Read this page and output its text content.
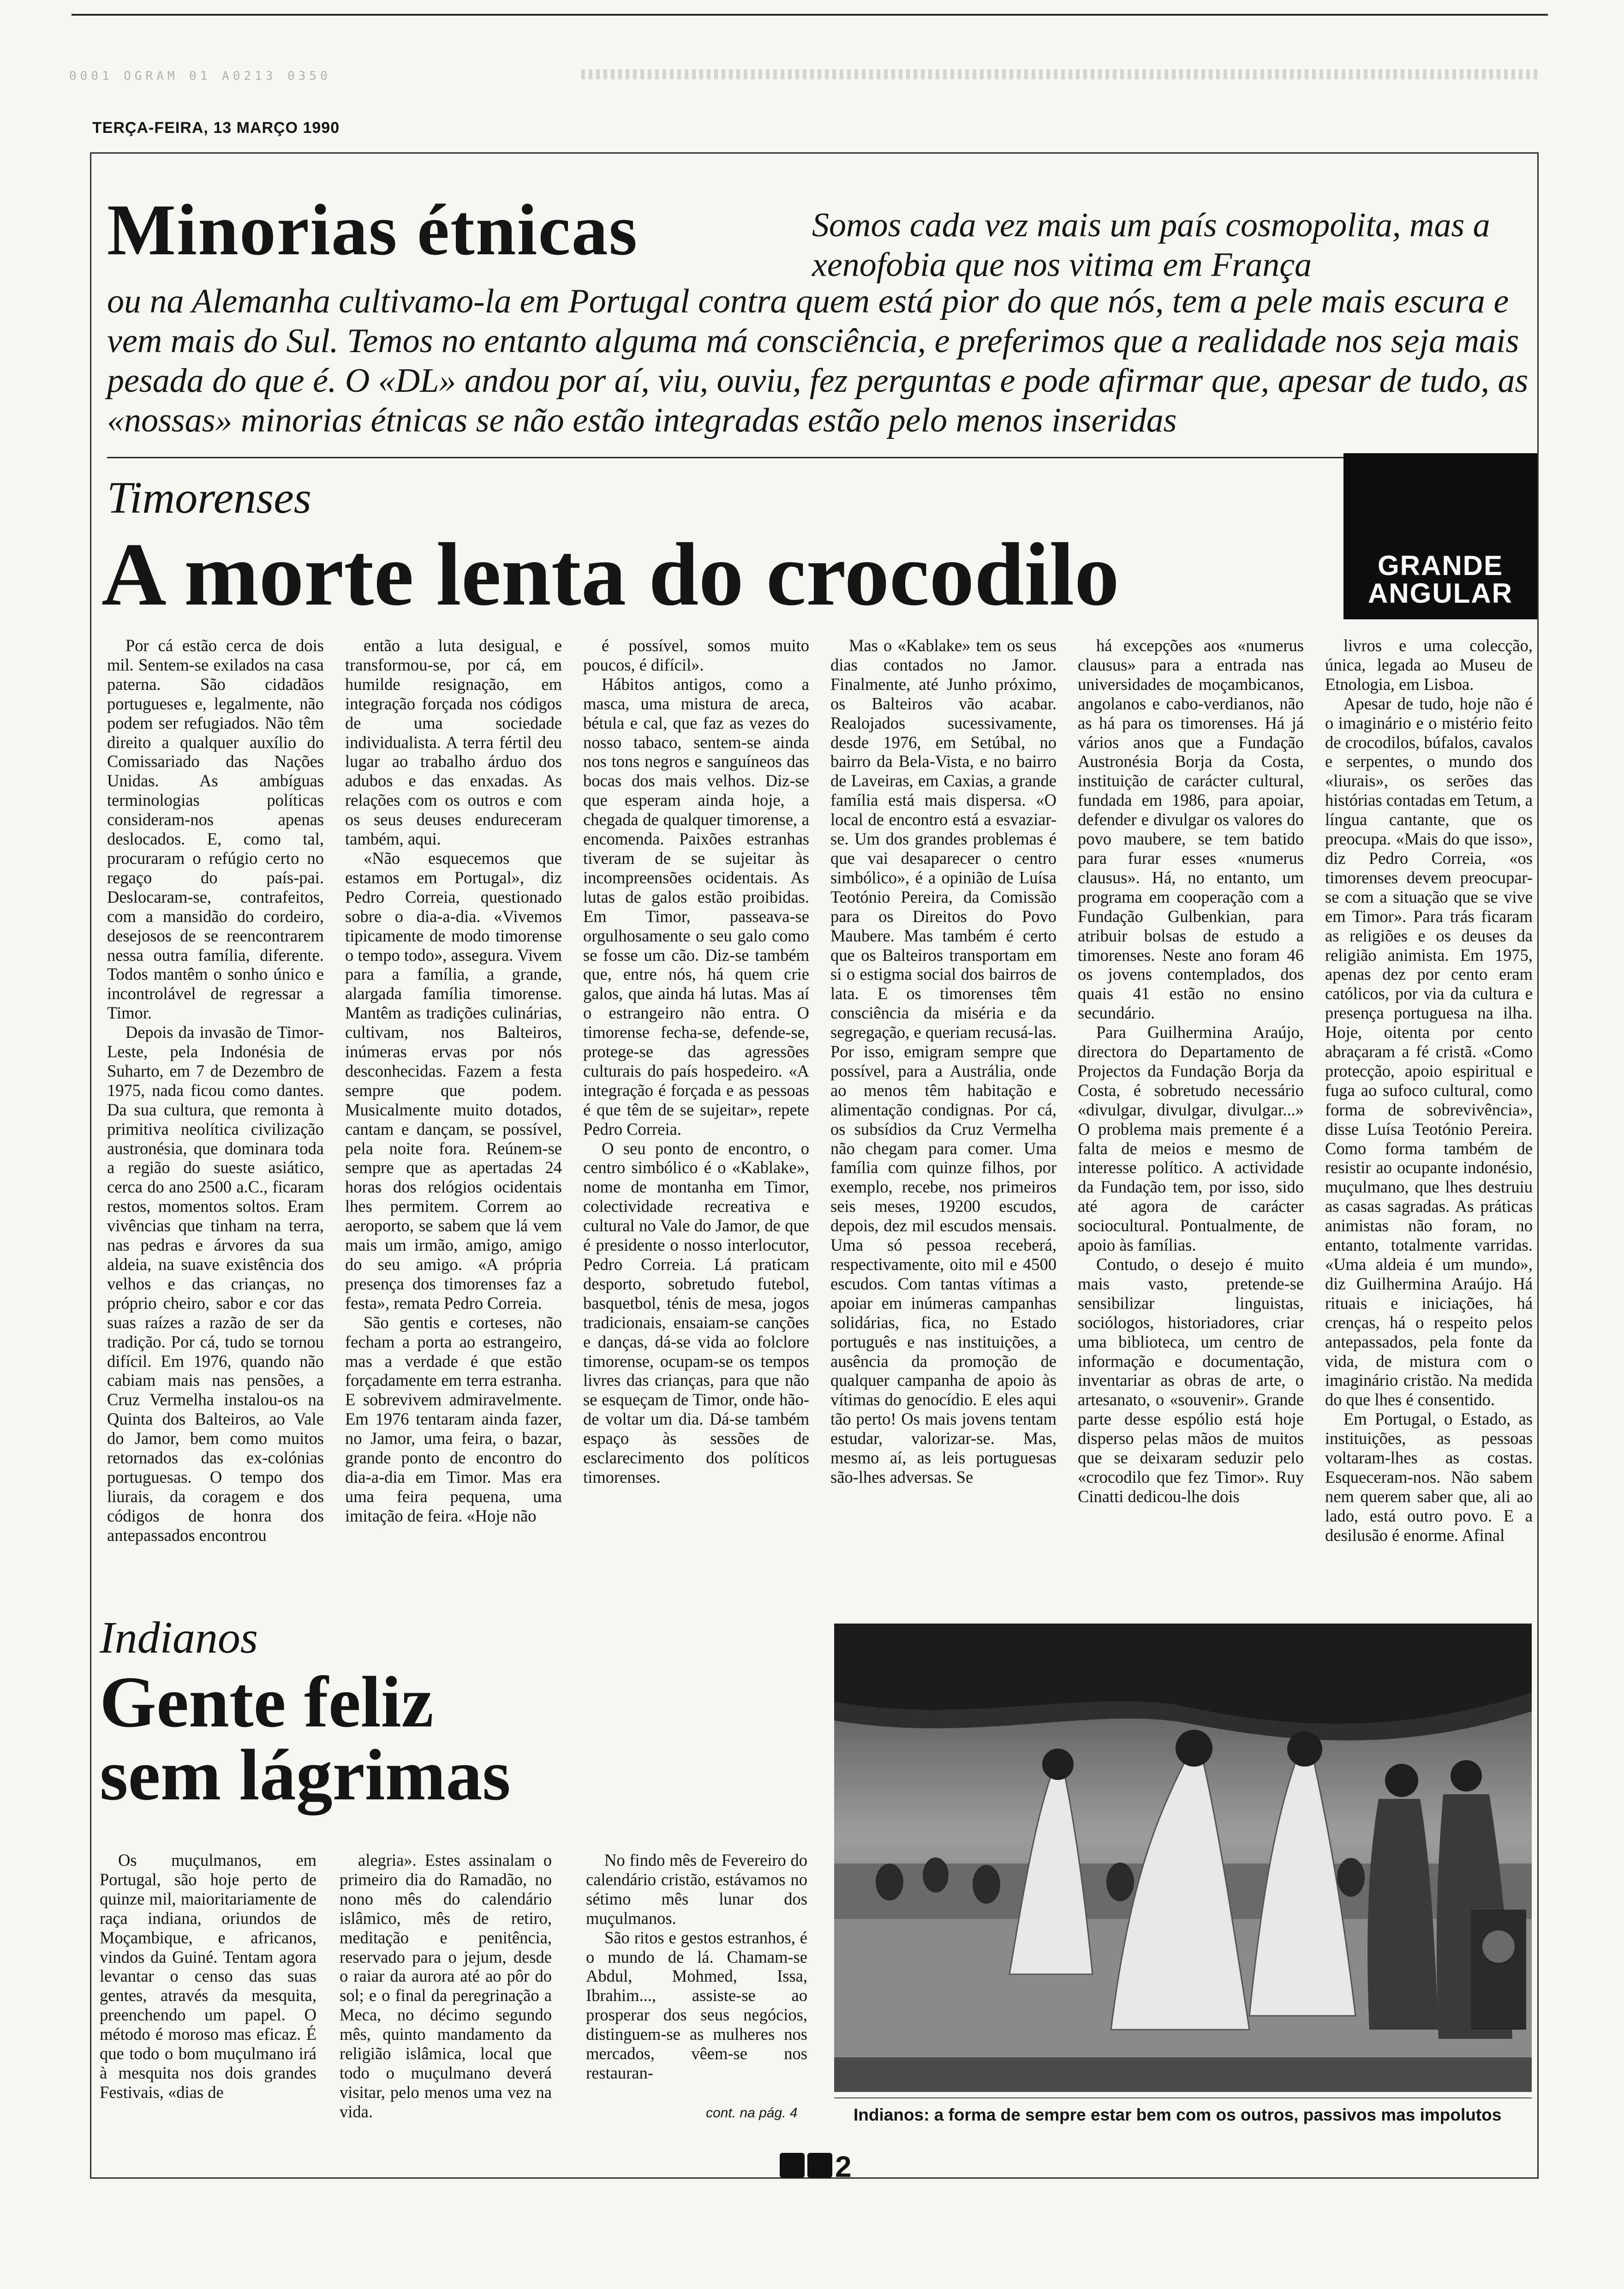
0001 OGRAM 01 A0213 0350
TERÇA-FEIRA, 13 MARÇO 1990
Minorias étnicas	Somos cada vez mais um país cosmopolita, mas a xenofobia que nos vitima em França
ou na Alemanha cultivamo-la em Portugal contra quem está pior do que nós, tem a pele mais escura e vem mais do Sul. Temos no entanto alguma má consciência, e preferimos que a realidade nos seja mais pesada do que é. O «DL» andou por aí, viu, ouviu, fez perguntas e pode afirmar que, apesar de tudo, as «nossas» minorias étnicas se não estão integradas estão pelo menos inseridas
Timorenses
A morte lenta do crocodilo	GRANDE
ANGULAR

Por cá estão cerca de dois mil. Sentem-se exilados na casa paterna. São cidadãos portugueses e, legalmente, não podem ser refugiados. Não têm direito a qualquer auxílio do Comissariado das Nações Unidas. As ambíguas terminologias políticas consideram-nos apenas deslocados. E, como tal, procuraram o refúgio certo no regaço do país-pai. Deslocaram-se, contrafeitos, com a mansidão do cordeiro, desejosos de se reencontrarem nessa outra família, diferente. Todos mantêm o sonho único e incontrolável de regressar a Timor.

Depois da invasão de Timor-Leste, pela Indonésia de Suharto, em 7 de Dezembro de 1975, nada ficou como dantes. Da sua cultura, que remonta à primitiva neolítica civilização austronésia, que dominara toda a região do sueste asiático, cerca do ano 2500 a.C., ficaram restos, momentos soltos. Eram vivências que tinham na terra, nas pedras e árvores da sua aldeia, na suave existência dos velhos e das crianças, no próprio cheiro, sabor e cor das suas raízes a razão de ser da tradição. Por cá, tudo se tornou difícil. Em 1976, quando não cabiam mais nas pensões, a Cruz Vermelha instalou-os na Quinta dos Balteiros, ao Vale do Jamor, bem como muitos retornados das ex-colónias portuguesas. O tempo dos liurais, da coragem e dos códigos de honra dos antepassados encontrou

então a luta desigual, e transformou-se, por cá, em humilde resignação, em integração forçada nos códigos de uma sociedade individualista. A terra fértil deu lugar ao trabalho árduo dos adubos e das enxadas. As relações com os outros e com os seus deuses endureceram também, aqui.

«Não esquecemos que estamos em Portugal», diz Pedro Correia, questionado sobre o dia-a-dia. «Vivemos tipicamente de modo timorense o tempo todo», assegura. Vivem para a família, a grande, alargada família timorense. Mantêm as tradições culinárias, cultivam, nos Balteiros, inúmeras ervas por nós desconhecidas. Fazem a festa sempre que podem. Musicalmente muito dotados, cantam e dançam, se possível, pela noite fora. Reúnem-se sempre que as apertadas 24 horas dos relógios ocidentais lhes permitem. Correm ao aeroporto, se sabem que lá vem mais um irmão, amigo, amigo do seu amigo. «A própria presença dos timorenses faz a festa», remata Pedro Correia.

São gentis e corteses, não fecham a porta ao estrangeiro, mas a verdade é que estão forçadamente em terra estranha. E sobrevivem admiravelmente. Em 1976 tentaram ainda fazer, no Jamor, uma feira, o bazar, grande ponto de encontro do dia-a-dia em Timor. Mas era uma feira pequena, uma imitação de feira. «Hoje não

é possível, somos muito poucos, é difícil».

Hábitos antigos, como a masca, uma mistura de areca, bétula e cal, que faz as vezes do nosso tabaco, sentem-se ainda nos tons negros e sanguíneos das bocas dos mais velhos. Diz-se que esperam ainda hoje, a chegada de qualquer timorense, a encomenda. Paixões estranhas tiveram de se sujeitar às incompreensões ocidentais. As lutas de galos estão proibidas. Em Timor, passeava-se orgulhosamente o seu galo como se fosse um cão. Diz-se também que, entre nós, há quem crie galos, que ainda há lutas. Mas aí o estrangeiro não entra. O timorense fecha-se, defende-se, protege-se das agressões culturais do país hospedeiro. «A integração é forçada e as pessoas é que têm de se sujeitar», repete Pedro Correia.

O seu ponto de encontro, o centro simbólico é o «Kablake», nome de montanha em Timor, colectividade recreativa e cultural no Vale do Jamor, de que é presidente o nosso interlocutor, Pedro Correia. Lá praticam desporto, sobretudo futebol, basquetbol, ténis de mesa, jogos tradicionais, ensaiam-se canções e danças, dá-se vida ao folclore timorense, ocupam-se os tempos livres das crianças, para que não se esqueçam de Timor, onde hão-de voltar um dia. Dá-se também espaço às sessões de esclarecimento dos políticos timorenses.

Mas o «Kablake» tem os seus dias contados no Jamor. Finalmente, até Junho próximo, os Balteiros vão acabar. Realojados sucessivamente, desde 1976, em Setúbal, no bairro da Bela-Vista, e no bairro de Laveiras, em Caxias, a grande família está mais dispersa. «O local de encontro está a esvaziar-se. Um dos grandes problemas é que vai desaparecer o centro simbólico», é a opinião de Luísa Teotónio Pereira, da Comissão para os Direitos do Povo Maubere. Mas também é certo que os Balteiros transportam em si o estigma social dos bairros de lata. E os timorenses têm consciência da miséria e da segregação, e queriam recusá-las. Por isso, emigram sempre que possível, para a Austrália, onde ao menos têm habitação e alimentação condignas. Por cá, os subsídios da Cruz Vermelha não chegam para comer. Uma família com quinze filhos, por exemplo, recebe, nos primeiros seis meses, 19200 escudos, depois, dez mil escudos mensais. Uma só pessoa receberá, respectivamente, oito mil e 4500 escudos. Com tantas vítimas a apoiar em inúmeras campanhas solidárias, fica, no Estado português e nas instituições, a ausência da promoção de qualquer campanha de apoio às vítimas do genocídio. E eles aqui tão perto! Os mais jovens tentam estudar, valorizar-se. Mas, mesmo aí, as leis portuguesas são-lhes adversas. Se

há excepções aos «numerus clausus» para a entrada nas universidades de moçambicanos, angolanos e cabo-verdianos, não as há para os timorenses. Há já vários anos que a Fundação Austronésia Borja da Costa, instituição de carácter cultural, fundada em 1986, para apoiar, defender e divulgar os valores do povo maubere, se tem batido para furar esses «numerus clausus». Há, no entanto, um programa em cooperação com a Fundação Gulbenkian, para atribuir bolsas de estudo a timorenses. Neste ano foram 46 os jovens contemplados, dos quais 41 estão no ensino secundário.

Para Guilhermina Araújo, directora do Departamento de Projectos da Fundação Borja da Costa, é sobretudo necessário «divulgar, divulgar, divulgar...» O problema mais premente é a falta de meios e mesmo de interesse político. A actividade da Fundação tem, por isso, sido até agora de carácter sociocultural. Pontualmente, de apoio às famílias.

Contudo, o desejo é muito mais vasto, pretende-se sensibilizar linguistas, sociólogos, historiadores, criar uma biblioteca, um centro de informação e documentação, inventariar as obras de arte, o artesanato, o «souvenir». Grande parte desse espólio está hoje disperso pelas mãos de muitos que se deixaram seduzir pelo «crocodilo que fez Timor». Ruy Cinatti dedicou-lhe dois

livros e uma colecção, única, legada ao Museu de Etnologia, em Lisboa.

Apesar de tudo, hoje não é o imaginário e o mistério feito de crocodilos, búfalos, cavalos e serpentes, o mundo dos «liurais», os serões das histórias contadas em Tetum, a língua cantante, que os preocupa. «Mais do que isso», diz Pedro Correia, «os timorenses devem preocupar-se com a situação que se vive em Timor». Para trás ficaram as religiões e os deuses da religião animista. Em 1975, apenas dez por cento eram católicos, por via da cultura e presença portuguesa na ilha. Hoje, oitenta por cento abraçaram a fé cristã. «Como protecção, apoio espiritual e fuga ao sufoco cultural, como forma de sobrevivência», disse Luísa Teotónio Pereira. Como forma também de resistir ao ocupante indonésio, muçulmano, que lhes destruiu as casas sagradas. As práticas animistas não foram, no entanto, totalmente varridas. «Uma aldeia é um mundo», diz Guilhermina Araújo. Há rituais e iniciações, há crenças, há o respeito pelos antepassados, pela fonte da vida, de mistura com o imaginário cristão. Na medida do que lhes é consentido.

Em Portugal, o Estado, as instituições, as pessoas voltaram-lhes as costas. Esqueceram-nos. Não sabem nem querem saber que, ali ao lado, está outro povo. E a desilusão é enorme. Afinal

Indianos
Gente feliz
sem lágrimas

Os muçulmanos, em Portugal, são hoje perto de quinze mil, maioritariamente de raça indiana, oriundos de Moçambique, e africanos, vindos da Guiné. Tentam agora levantar o censo das suas gentes, através da mesquita, preenchendo um papel. O método é moroso mas eficaz. É que todo o bom muçulmano irá à mesquita nos dois grandes Festivais, «dias de

alegria». Estes assinalam o primeiro dia do Ramadão, no nono mês do calendário islâmico, mês de retiro, meditação e penitência, reservado para o jejum, desde o raiar da aurora até ao pôr do sol; e o final da peregrinação a Meca, no décimo segundo mês, quinto mandamento da religião islâmica, local que todo o muçulmano deverá visitar, pelo menos uma vez na vida.

No findo mês de Fevereiro do calendário cristão, estávamos no sétimo mês lunar dos muçulmanos.

São ritos e gestos estranhos, é o mundo de lá. Chamam-se Abdul, Mohmed, Issa, Ibrahim..., assiste-se ao prosperar dos seus negócios, distinguem-se as mulheres nos mercados, vêem-se nos restauran-

cont. na pág. 4	Indianos: a forma de sempre estar bem com os outros, passivos mas impolutos
2
